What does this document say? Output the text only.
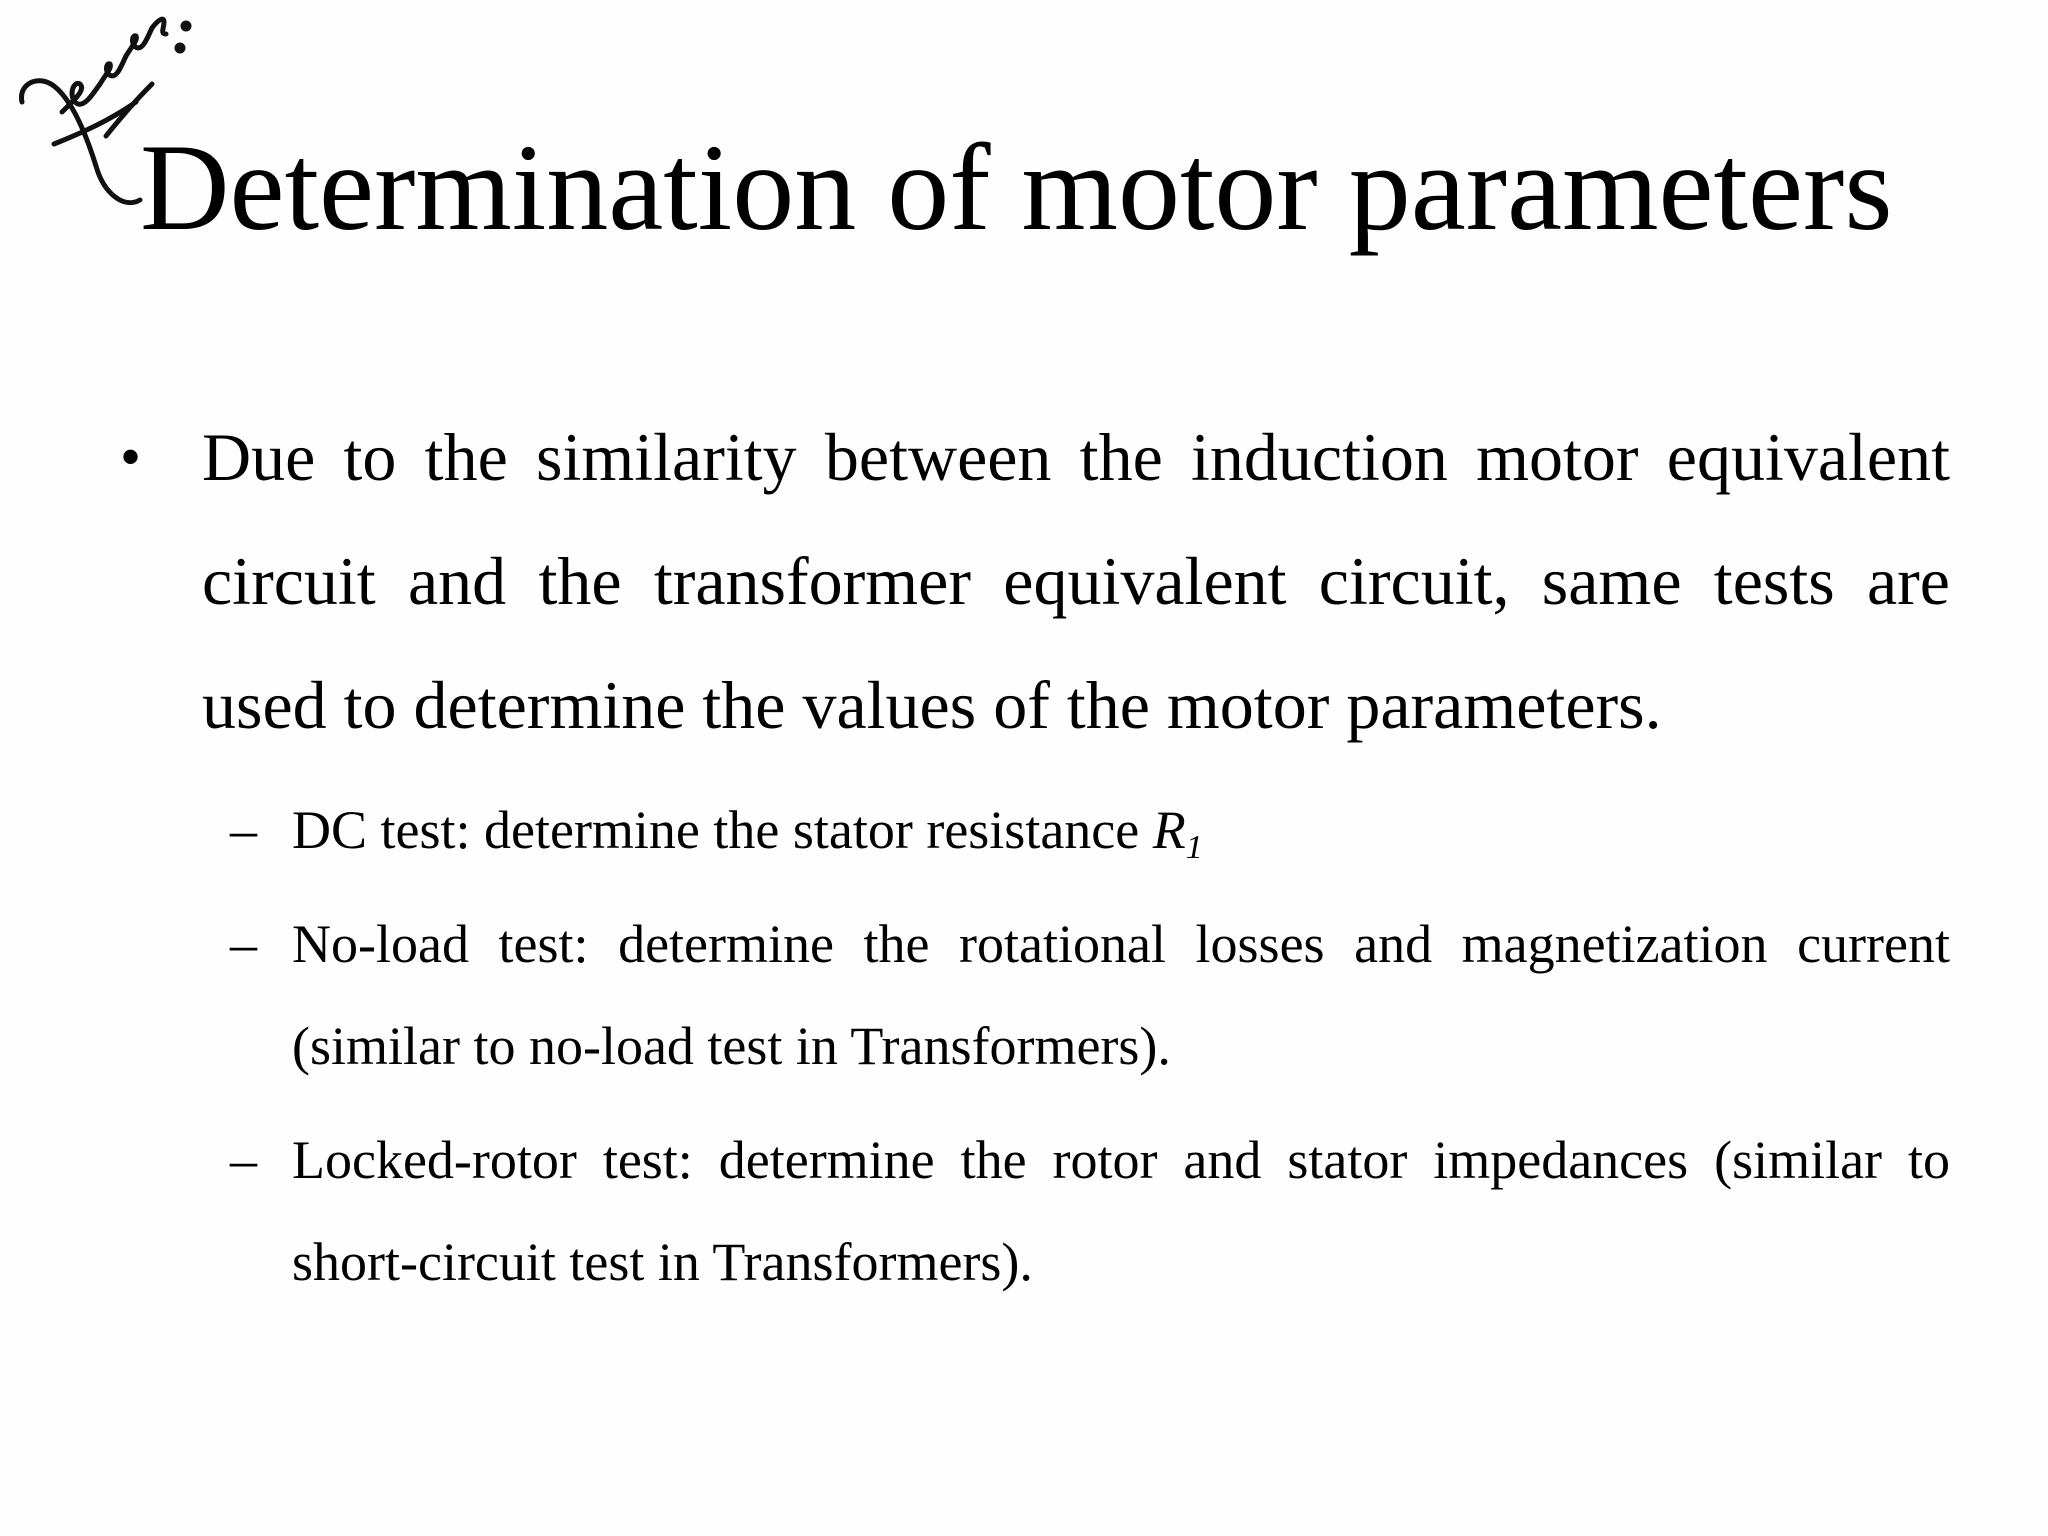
Determination of motor parameters
• Due to the similarity between the induction motor equivalent circuit and the transformer equivalent circuit, same tests are used to determine the values of the motor parameters.
– DC test: determine the stator resistance $R_1$
– No-load test: determine the rotational losses and magnetization current (similar to no-load test in Transformers).
– Locked-rotor test: determine the rotor and stator impedances (similar to short-circuit test in Transformers).
